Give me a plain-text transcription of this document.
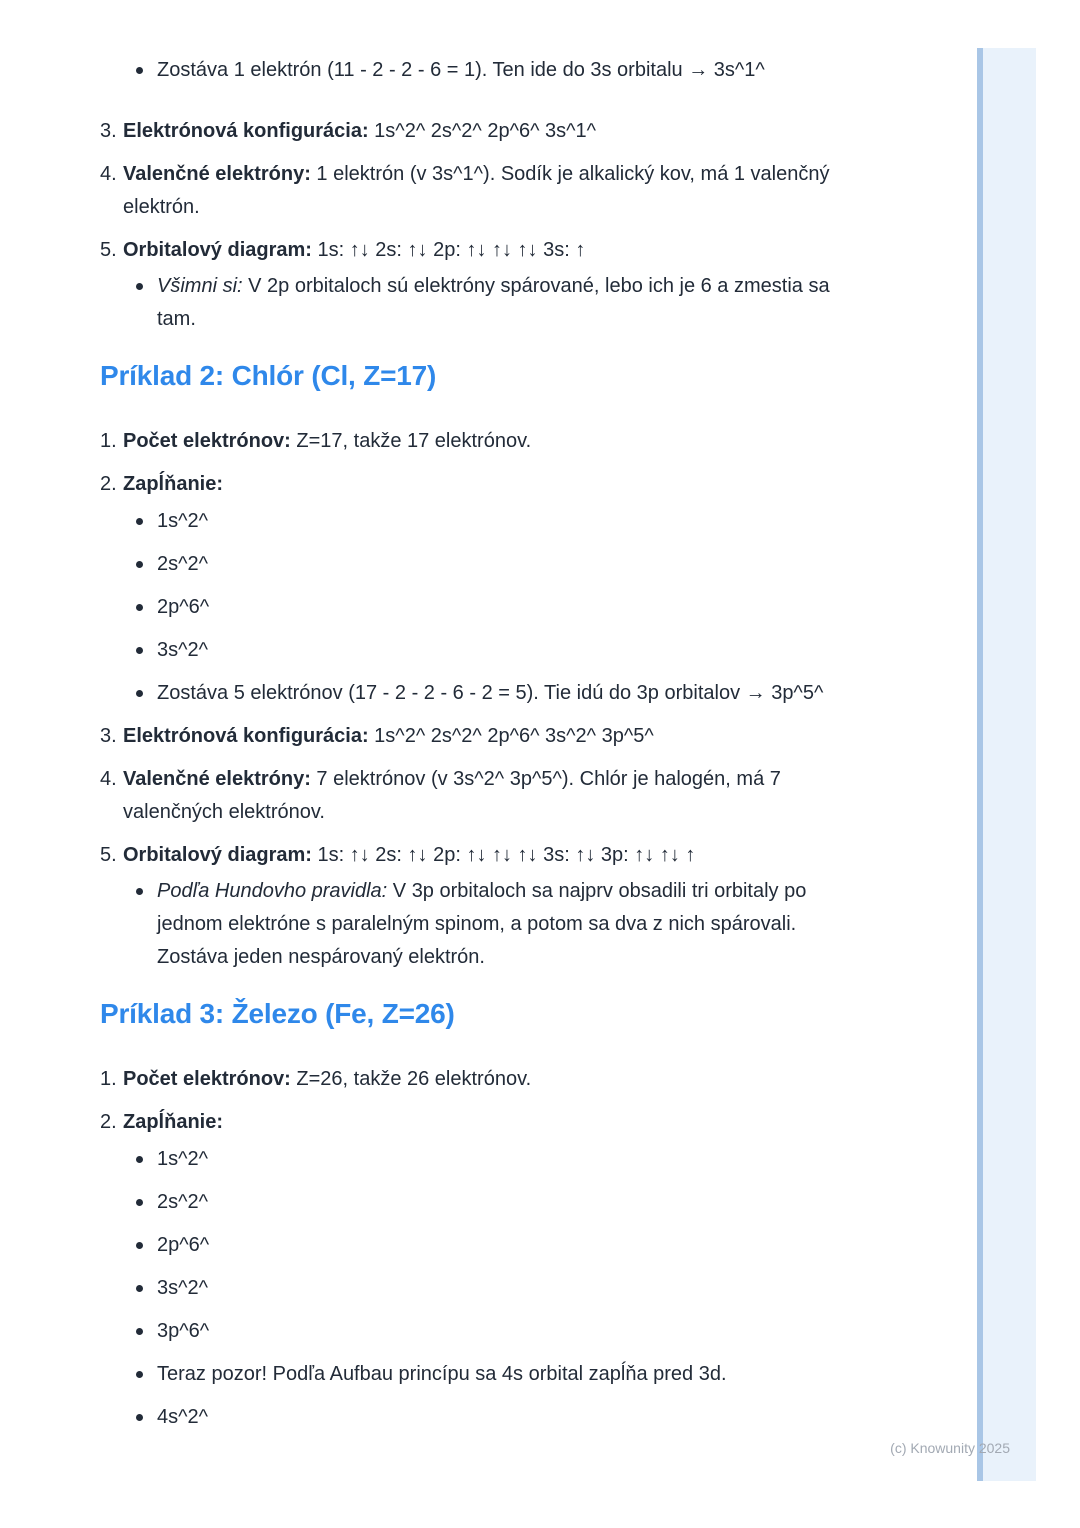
Zostáva 1 elektrón (11 - 2 - 2 - 6 = 1). Ten ide do 3s orbitalu → 3s^1^
3. Elektrónová konfigurácia: 1s^2^ 2s^2^ 2p^6^ 3s^1^
4. Valenčné elektróny: 1 elektrón (v 3s^1^). Sodík je alkalický kov, má 1 valenčný elektrón.
5. Orbitalový diagram: 1s: ↑↓ 2s: ↑↓ 2p: ↑↓ ↑↓ ↑↓ 3s: ↑
Všimni si: V 2p orbitaloch sú elektróny spárované, lebo ich je 6 a zmestia sa tam.
Príklad 2: Chlór (Cl, Z=17)
1. Počet elektrónov: Z=17, takže 17 elektrónov.
2. Zapĺňanie:
1s^2^
2s^2^
2p^6^
3s^2^
Zostáva 5 elektrónov (17 - 2 - 2 - 6 - 2 = 5). Tie idú do 3p orbitalov → 3p^5^
3. Elektrónová konfigurácia: 1s^2^ 2s^2^ 2p^6^ 3s^2^ 3p^5^
4. Valenčné elektróny: 7 elektrónov (v 3s^2^ 3p^5^). Chlór je halogén, má 7 valenčných elektrónov.
5. Orbitalový diagram: 1s: ↑↓ 2s: ↑↓ 2p: ↑↓ ↑↓ ↑↓ 3s: ↑↓ 3p: ↑↓ ↑↓ ↑
Podľa Hundovho pravidla: V 3p orbitaloch sa najprv obsadili tri orbitaly po jednom elektróne s paralelným spinom, a potom sa dva z nich spárovali. Zostáva jeden nespárovaný elektrón.
Príklad 3: Železo (Fe, Z=26)
1. Počet elektrónov: Z=26, takže 26 elektrónov.
2. Zapĺňanie:
1s^2^
2s^2^
2p^6^
3s^2^
3p^6^
Teraz pozor! Podľa Aufbau princípu sa 4s orbital zapĺňa pred 3d.
4s^2^
(c) Knowunity 2025
